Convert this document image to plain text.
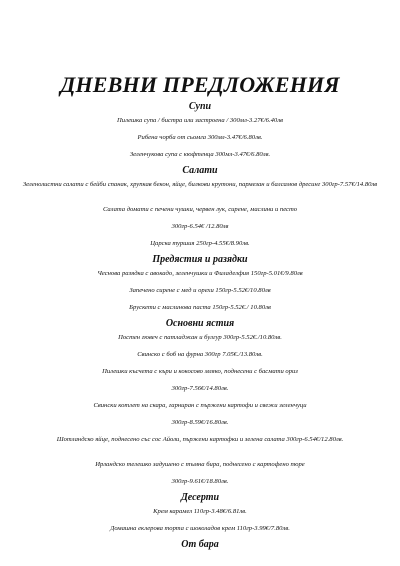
ДНЕВНИ ПРЕДЛОЖЕНИЯ
Супи
Пилешка супа / бистра или застроена / 300мл-3.27€/6.40лв
Рибена чорба от сьомга 300мл-3.47€/6.80лв.
Зеленчукова супа с кюфтенца 300мл-3.47€/6.80лв.
Салати
Зеленолистни салати с бейби спанак, хрупкав бекон, яйце, билкови крутони, пармезан и балсамов дресинг 300гр-7.57€/14.80лв
Салата домати с печени чушки, червен лук, сирене, маслини и песто
300гр-6.54€ /12.80лв
Царска туршия 250гр-4.55€/8.90лв.
Предястия и разядки
Чеснова разядка с авокадо, зеленчушки и Филаделфия 150гр-5.01€/9.80лв
Запечено сирене с мед и орехи 150гр-5.52€/10.80лв
Брускети с маслинова паста 150гр-5.52€./ 10.80лв
Основни ястия
Постен гювеч с патладжан и булгур 300гр-5.52€./10.80лв.
Свинско с боб на фурна 300гр 7.05€./13.80лв.
Пилешки късчета с къри и кокосово мляко, поднесени с басмати ориз
300гр-7.56€/14.80лв.
Свински котлет на скара, гарниран с пържени картофи и свежи зеленчуци
300гр-8.59€/16.80лв.
Шотландско яйце, поднесено със сос Айоли, пържени картофки и зелена салата 300гр-6.54€/12.80лв.
Ирландско телешко задушено с тъмна бира, поднесено с картофено пюре
300гр-9.61€/18.80лв.
Десерти
Крем карамел 110гр-3.48€/6.81лв.
Домашна еклерова торта с шоколадов крем 110гр-3.99€/7.80лв.
От бара
